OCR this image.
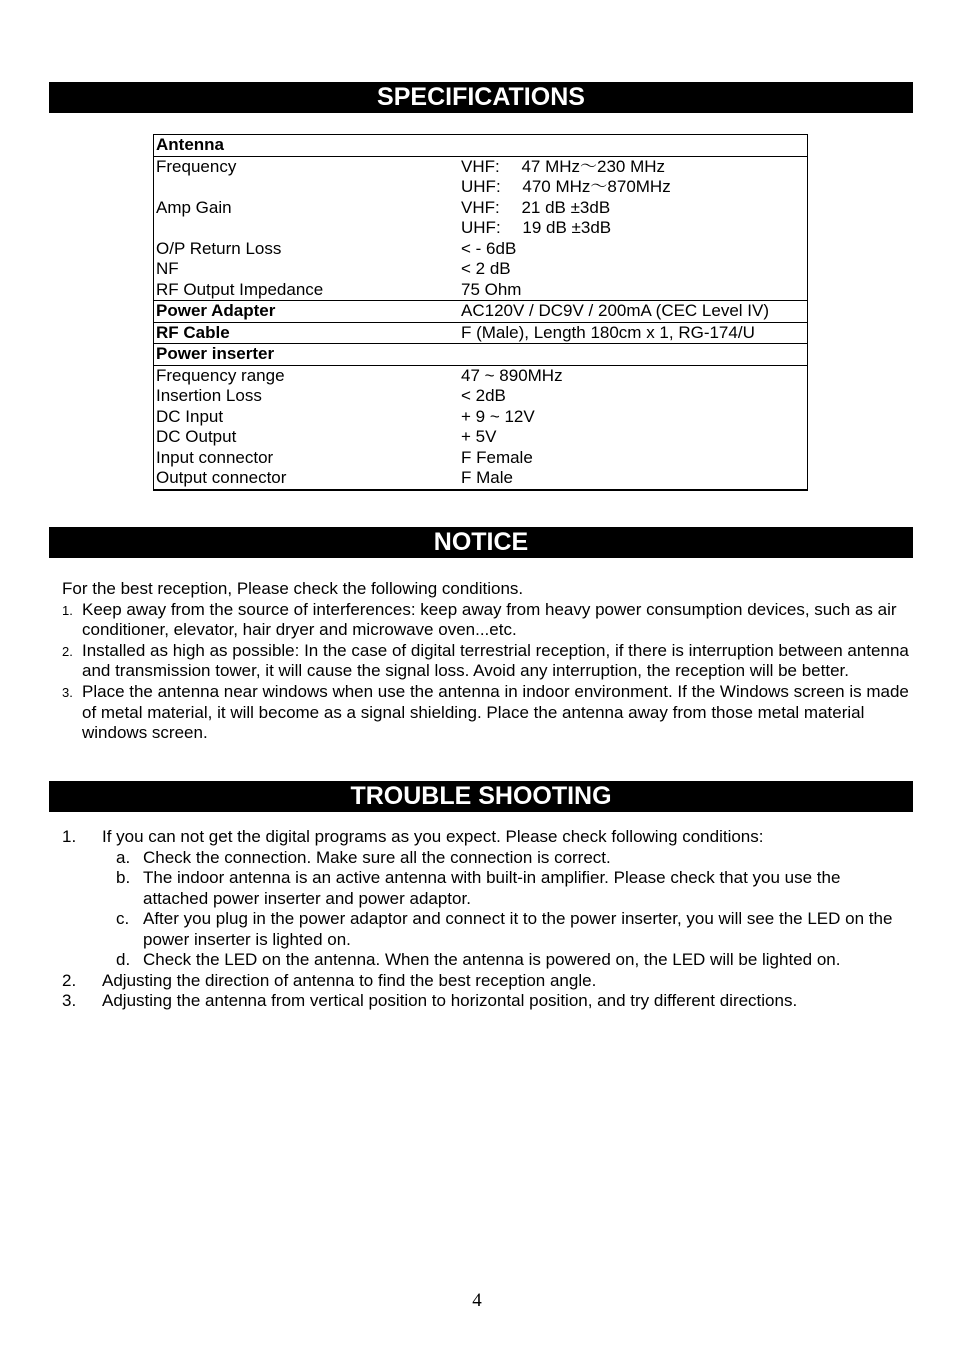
SPECIFICATIONS
Antenna	
Frequency	VHF:  47 MHz～230 MHz
UHF:  470 MHz～870MHz

Amp Gain	VHF:  21 dB ±3dB
UHF:  19 dB ±3dB

O/P Return Loss	< - 6dB
NF	< 2 dB
RF Output Impedance	75 Ohm
Power Adapter	AC120V / DC9V / 200mA (CEC Level IV)
RF Cable	F (Male), Length 180cm x 1, RG-174/U
Power inserter	
Frequency range	47 ~ 890MHz
Insertion Loss	< 2dB
DC Input	+ 9 ~ 12V
DC Output	+ 5V
Input connector	F Female
Output connector	F Male
NOTICE

For the best reception, Please check the following conditions.

1. Keep away from the source of interferences: keep away from heavy power consumption devices, such as air conditioner, elevator, hair dryer and microwave oven...etc.
2. Installed as high as possible: In the case of digital terrestrial reception, if there is interruption between antenna and transmission tower, it will cause the signal loss. Avoid any interruption, the reception will be better.
3. Place the antenna near windows when use the antenna in indoor environment. If the Windows screen is made of metal material, it will become as a signal shielding. Place the antenna away from those metal material windows screen.
TROUBLE SHOOTING
1. If you can not get the digital programs as you expect. Please check following conditions:
a. Check the connection. Make sure all the connection is correct.
b. The indoor antenna is an active antenna with built-in amplifier. Please check that you use the attached power inserter and power adaptor.
c. After you plug in the power adaptor and connect it to the power inserter, you will see the LED on the power inserter is lighted on.
d. Check the LED on the antenna. When the antenna is powered on, the LED will be lighted on.
2. Adjusting the direction of antenna to find the best reception angle.
3. Adjusting the antenna from vertical position to horizontal position, and try different directions.
4
